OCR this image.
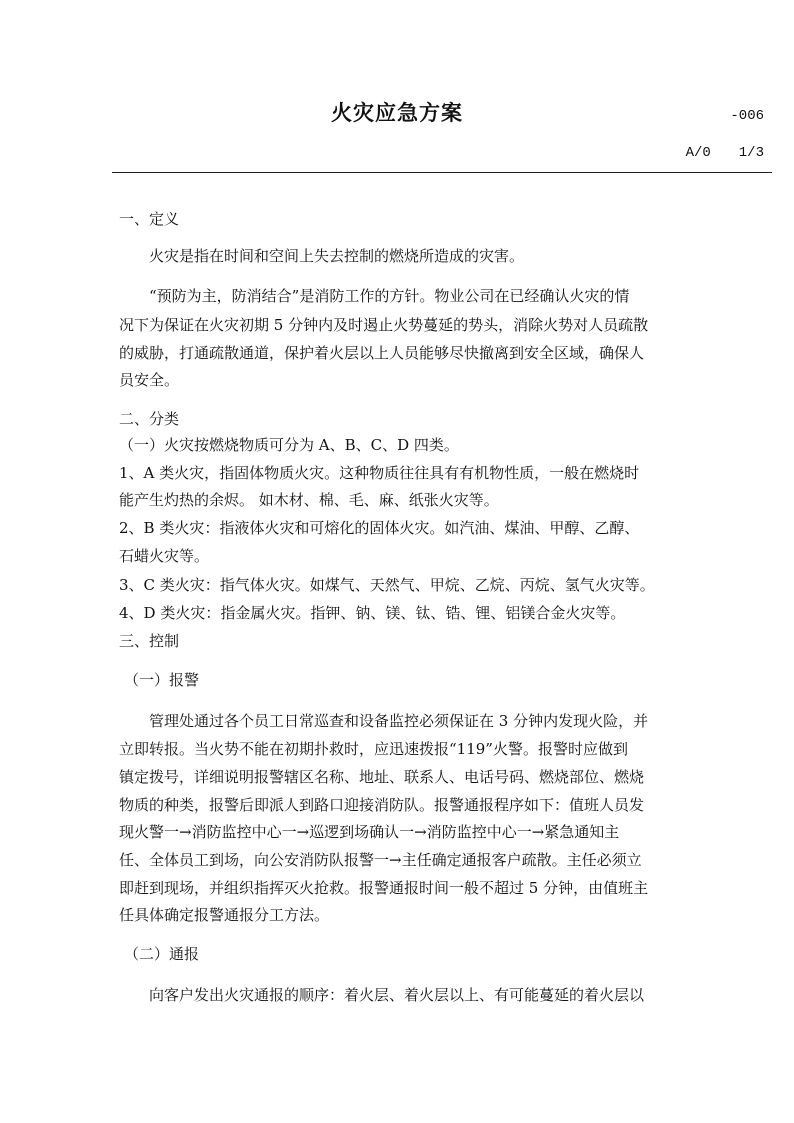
火灾应急方案	-006
A/0 1/3
一、定义
火灾是指在时间和空间上失去控制的燃烧所造成的灾害。
“预防为主，防消结合”是消防工作的方针。物业公司在已经确认火灾的情
况下为保证在火灾初期 5 分钟内及时遏止火势蔓延的势头，消除火势对人员疏散
的威胁，打通疏散通道，保护着火层以上人员能够尽快撤离到安全区域，确保人
员安全。
二、分类
（一）火灾按燃烧物质可分为 A、B、C、D 四类。
1、A 类火灾，指固体物质火灾。这种物质往往具有有机物性质，一般在燃烧时
能产生灼热的余烬。 如木材、棉、毛、麻、纸张火灾等。
2、B 类火灾：指液体火灾和可熔化的固体火灾。如汽油、煤油、甲醇、乙醇、
石蜡火灾等。
3、C 类火灾：指气体火灾。如煤气、天然气、甲烷、乙烷、丙烷、氢气火灾等。
4、D 类火灾：指金属火灾。指钾、钠、镁、钛、锆、锂、铝镁合金火灾等。
三、控制
（一）报警
管理处通过各个员工日常巡查和设备监控必须保证在 3 分钟内发现火险，并
立即转报。当火势不能在初期扑救时，应迅速拨报“119”火警。报警时应做到
镇定拨号，详细说明报警辖区名称、地址、联系人、电话号码、燃烧部位、燃烧
物质的种类，报警后即派人到路口迎接消防队。报警通报程序如下：值班人员发
现火警一→消防监控中心一→巡逻到场确认一→消防监控中心一→紧急通知主
任、全体员工到场，向公安消防队报警一→主任确定通报客户疏散。主任必须立
即赶到现场，并组织指挥灭火抢救。报警通报时间一般不超过 5 分钟，由值班主
任具体确定报警通报分工方法。
（二）通报
向客户发出火灾通报的顺序：着火层、着火层以上、有可能蔓延的着火层以
